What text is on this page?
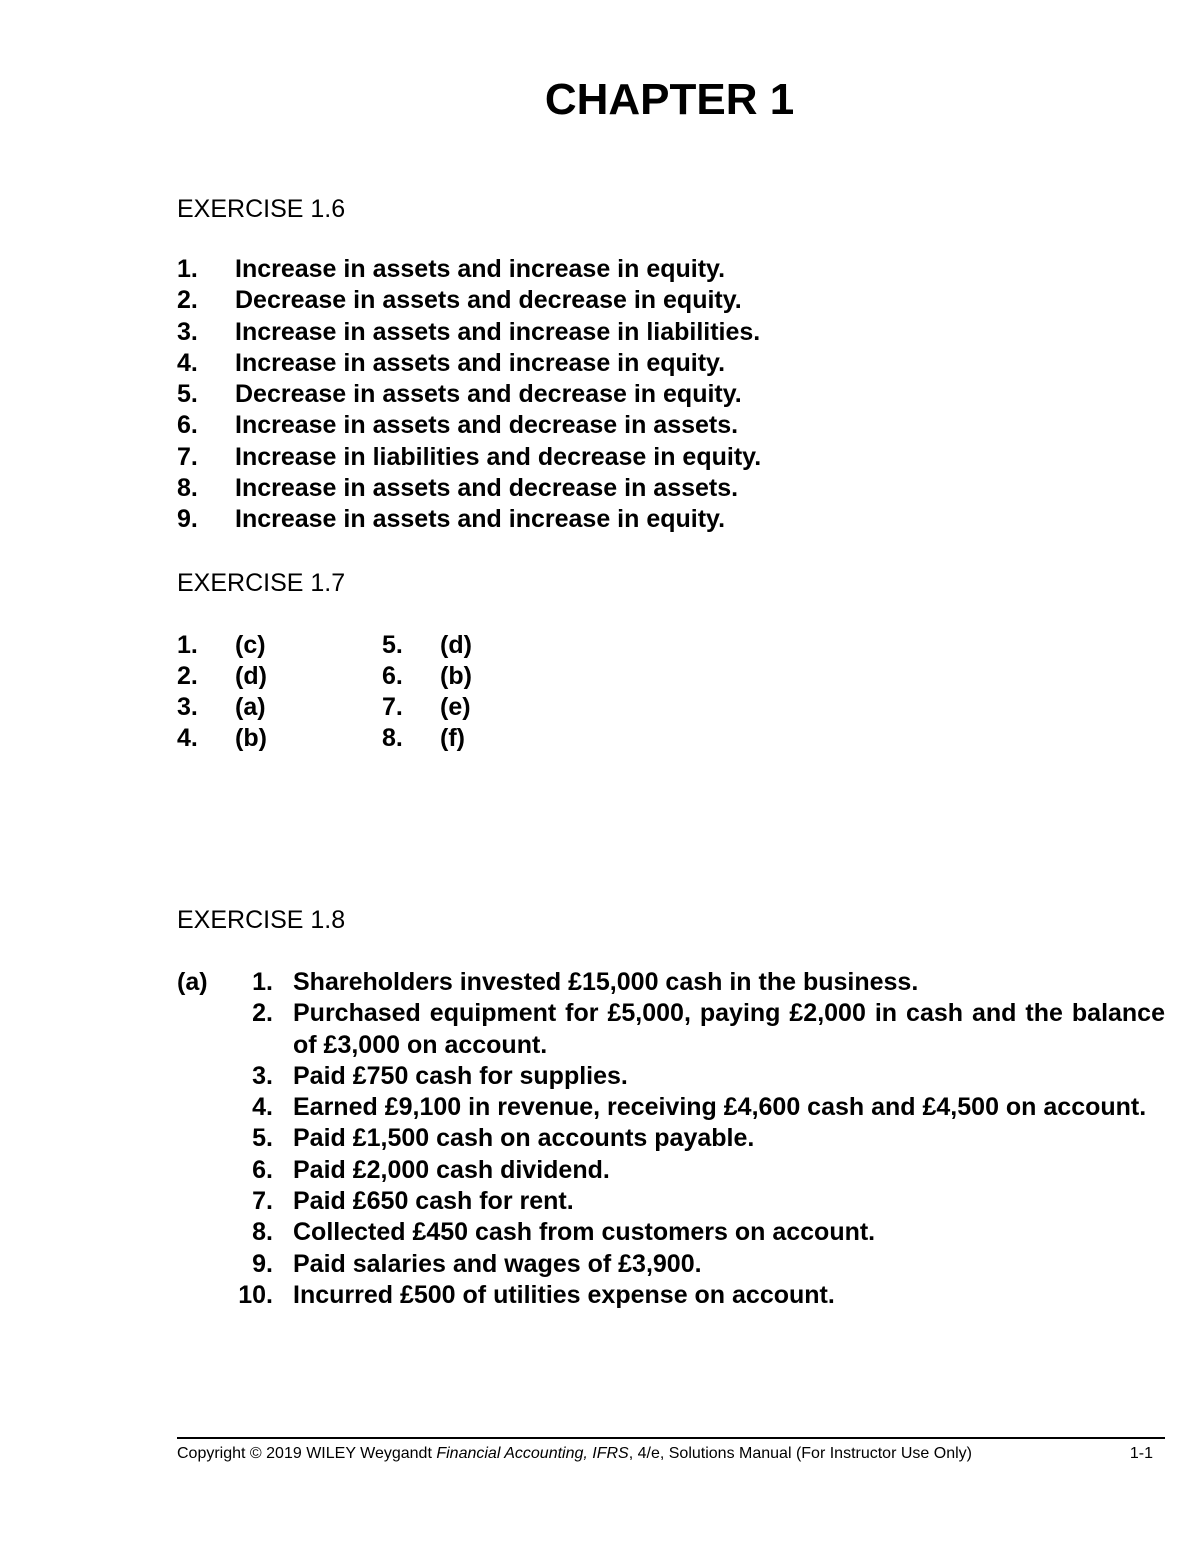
CHAPTER 1
EXERCISE 1.6
1. Increase in assets and increase in equity.
2. Decrease in assets and decrease in equity.
3. Increase in assets and increase in liabilities.
4. Increase in assets and increase in equity.
5. Decrease in assets and decrease in equity.
6. Increase in assets and decrease in assets.
7. Increase in liabilities and decrease in equity.
8. Increase in assets and decrease in assets.
9. Increase in assets and increase in equity.
EXERCISE 1.7
1. (c)
2. (d)
3. (a)
4. (b)
5. (d)
6. (b)
7. (e)
8. (f)
EXERCISE 1.8
(a)	1. Shareholders invested £15,000 cash in the business.
2. Purchased equipment for £5,000, paying £2,000 in cash and the balance of £3,000 on account.
3. Paid £750 cash for supplies.
4. Earned £9,100 in revenue, receiving £4,600 cash and £4,500 on account.
5. Paid £1,500 cash on accounts payable.
6. Paid £2,000 cash dividend.
7. Paid £650 cash for rent.
8. Collected £450 cash from customers on account.
9. Paid salaries and wages of £3,900.
10. Incurred £500 of utilities expense on account.
Copyright © 2019 WILEY Weygandt Financial Accounting, IFRS, 4/e, Solutions Manual (For Instructor Use Only)	1-1
